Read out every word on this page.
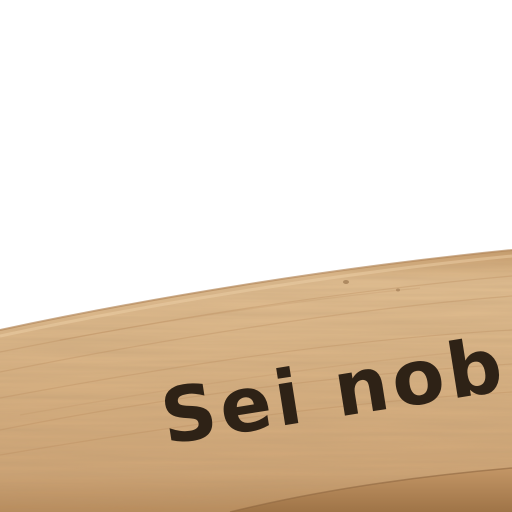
Sei nob
